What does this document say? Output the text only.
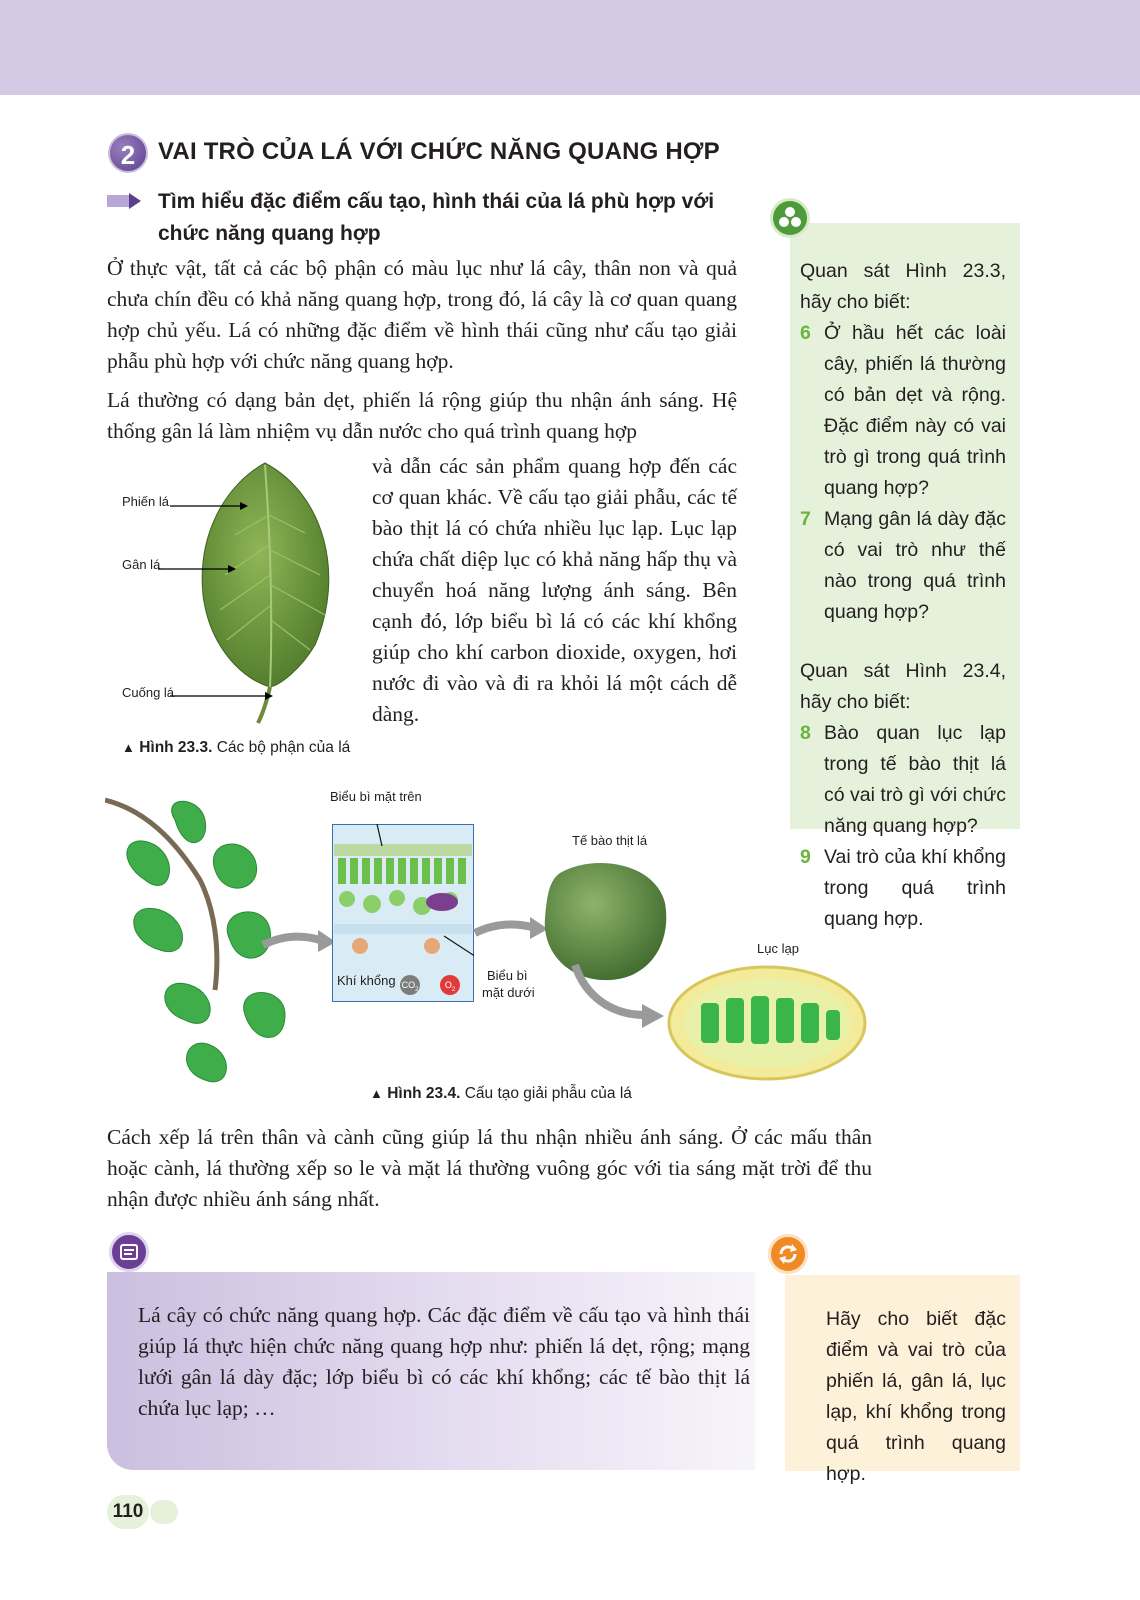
2 VAI TRÒ CỦA LÁ VỚI CHỨC NĂNG QUANG HỢP
Tìm hiểu đặc điểm cấu tạo, hình thái của lá phù hợp với chức năng quang hợp

Ở thực vật, tất cả các bộ phận có màu lục như lá cây, thân non và quả chưa chín đều có khả năng quang hợp, trong đó, lá cây là cơ quan quang hợp chủ yếu. Lá có những đặc điểm về hình thái cũng như cấu tạo giải phẫu phù hợp với chức năng quang hợp.

Lá thường có dạng bản dẹt, phiến lá rộng giúp thu nhận ánh sáng. Hệ thống gân lá làm nhiệm vụ dẫn nước cho quá trình quang hợp

và dẫn các sản phẩm quang hợp đến các cơ quan khác. Về cấu tạo giải phẫu, các tế bào thịt lá có chứa nhiều lục lạp. Lục lạp chứa chất diệp lục có khả năng hấp thụ và chuyển hoá năng lượng ánh sáng. Bên cạnh đó, lớp biểu bì lá có các khí khổng giúp cho khí carbon dioxide, oxygen, hơi nước đi vào và đi ra khỏi lá một cách dễ dàng.

Phiến lá
Gân lá
Cuống lá
▲ Hình 23.3. Các bộ phận của lá
Quan sát Hình 23.3, hãy cho biết:
6 Ở hầu hết các loài cây, phiến lá thường có bản dẹt và rộng. Đặc điểm này có vai trò gì trong quá trình quang hợp?
7 Mạng gân lá dày đặc có vai trò như thế nào trong quá trình quang hợp?
Quan sát Hình 23.4, hãy cho biết:
8 Bào quan lục lạp trong tế bào thịt lá có vai trò gì với chức năng quang hợp?
9 Vai trò của khí khổng trong quá trình quang hợp.
Biểu bì mặt trên
Khí khổng $CO_2$	$O_2$
Biểu bì
mặt dưới
Tế bào thịt lá
Lục lạp
▲ Hình 23.4. Cấu tạo giải phẫu của lá

Cách xếp lá trên thân và cành cũng giúp lá thu nhận nhiều ánh sáng. Ở các mấu thân hoặc cành, lá thường xếp so le và mặt lá thường vuông góc với tia sáng mặt trời để thu nhận được nhiều ánh sáng nhất.

Lá cây có chức năng quang hợp. Các đặc điểm về cấu tạo và hình thái giúp lá thực hiện chức năng quang hợp như: phiến lá dẹt, rộng; mạng lưới gân lá dày đặc; lớp biểu bì có các khí khổng; các tế bào thịt lá chứa lục lạp; …

Hãy cho biết đặc điểm và vai trò của phiến lá, gân lá, lục lạp, khí khổng trong quá trình quang hợp.
110
